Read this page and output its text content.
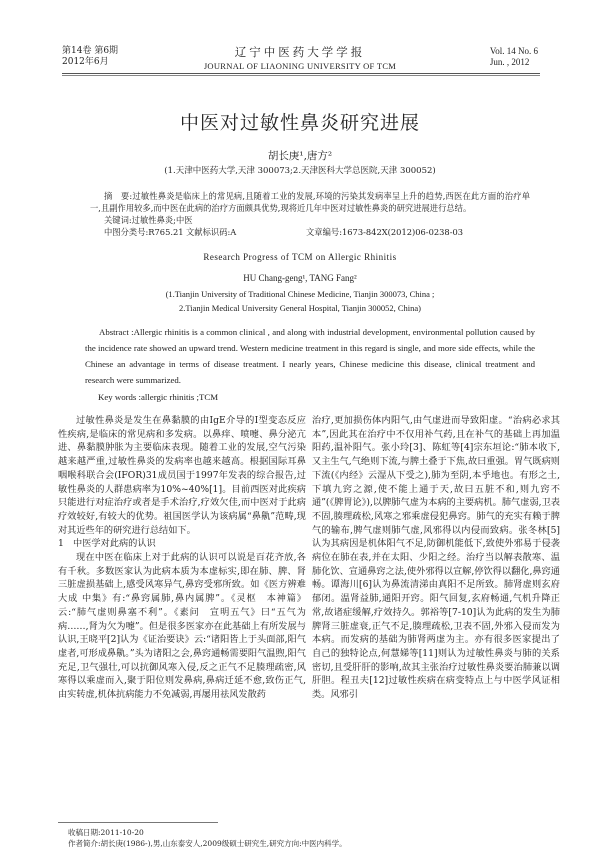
第14卷 第6期
2012年6月
辽宁中医药大学学报
JOURNAL OF LIAONING UNIVERSITY OF TCM
Vol. 14 No. 6
Jun. , 2012
中医对过敏性鼻炎研究进展
胡长庚¹,唐方²
(1.天津中医药大学,天津 300073;2.天津医科大学总医院,天津 300052)
摘　要:过敏性鼻炎是临床上的常见病,且随着工业的发展,环境的污染其发病率呈上升的趋势,西医在此方面的治疗单一,且副作用较多,而中医在此病的治疗方面颇具优势,现将近几年中医对过敏性鼻炎的研究进展进行总结。
关键词:过敏性鼻炎;中医
中图分类号:R765.21 文献标识码:A	文章编号:1673-842X(2012)06-0238-03
Research Progress of TCM on Allergic Rhinitis
HU Chang-geng¹, TANG Fang²
(1.Tianjin University of Traditional Chinese Medicine, Tianjin 300073, China ;
2.Tianjin Medical University General Hospital, Tianjin 300052, China)
Abstract :Allergic rhinitis is a common clinical , and along with industrial development, environmental pollution caused by the incidence rate showed an upward trend. Western medicine treatment in this regard is single, and more side effects, while the Chinese an advantage in terms of disease treatment. I nearly years, Chinese medicine this disease, clinical treatment and research were summarized.
Key words :allergic rhinitis ;TCM

过敏性鼻炎是发生在鼻黏膜的由IgE介导的Ⅰ型变态反应性疾病,是临床的常见病和多发病。以鼻痒、喷嚏、鼻分泌亢进、鼻黏膜肿胀为主要临床表现。随着工业的发展,空气污染越来越严重,过敏性鼻炎的发病率也越来越高。根据国际耳鼻咽喉科联合会(IFOR)31成员国于1997年发表的综合报告,过敏性鼻炎的人群患病率为10%~40%[1]。目前西医对此疾病只能进行对症治疗或者是手术治疗,疗效欠佳,而中医对于此病疗效较好,有较大的优势。祖国医学认为该病属“鼻鼽”范畴,现对其近些年的研究进行总结如下。

1　中医学对此病的认识

现在中医在临床上对于此病的认识可以说是百花齐放,各有千秋。多数医家认为此病本质为本虚标实,即在肺、脾、肾三脏虚损基础上,感受风寒异气,鼻窍受邪所致。如《医方辨难大成 中集》有:“鼻窍属肺,鼻内属脾”。《灵枢　本神篇》云:“肺气虚则鼻塞不利”。《素问　宣明五气》曰“五气为病……,肾为欠为嚏”。但是很多医家亦在此基础上有所发展与认识,王晓平[2]认为《证治要诀》云:“诸阳皆上于头面部,阳气虚者,可形成鼻鼽。”头为诸阳之会,鼻窍通畅需要阳气温煦,阳气充足,卫气强壮,可以抗御风寒入侵,反之正气不足腠理疏密,风寒得以乘虚而入,聚于阳位则发鼻病,鼻病迁延不愈,致伤正气,由实转虚,机体抗病能力不免减弱,再屡用祛风发散药

治疗,更加损伤体内阳气,由气虚进而导致阳虚。“治病必求其本”,因此其在治疗中不仅用补气药,且在补气的基础上再加温阳药,温补阳气。张小玲[3]、陈虹等[4]宗东垣论:“肺本收下,又主生气,气绝则下流,与脾土叠于下焦,故曰重强。胃气既病则下流(《内经》云湿从下受之),肺为至阴,本乎地也。有形之土,下填九窍之源,使不能上通于天,故曰五脏不和,则九窍不通”(《脾胃论》),以脾肺气虚为本病的主要病机。肺气虚弱,卫表不固,腠理疏松,风寒之邪乘虚侵犯鼻窍。肺气的充实有赖于脾气的输布,脾气虚则肺气虚,风邪得以内侵而致病。张冬林[5]认为其病因是机体阳气不足,防御机能低下,致使外邪易于侵袭病位在肺在表,并在太阳、少阳之经。治疗当以解表散寒、温肺化饮、宣通鼻窍之法,使外邪得以宣解,停饮得以翻化,鼻窍通畅。谭海川[6]认为鼻流清涕由真阳不足所致。肺肾虚则玄府郁闭。温肾益肺,通阳开窍。阳气回复,玄府畅通,气机升降正常,故诸症缓解,疗效持久。郭裕等[7-10]认为此病的发生为肺脾肾三脏虚衰,正气不足,腠理疏松,卫表不固,外邪入侵而发为本病。而发病的基础为肺肾两虚为主。亦有很多医家提出了自己的独特论点,何慧娣等[11]则认为过敏性鼻炎与肺的关系密切,且受肝肝的影响,故其主张治疗过敏性鼻炎要治肺兼以调肝胆。程丑夫[12]过敏性疾病在病变特点上与中医学风证相类。风邪引

收稿日期:2011-10-20
作者简介:胡长庚(1986-),男,山东泰安人,2009级硕士研究生,研究方向:中医内科学。
